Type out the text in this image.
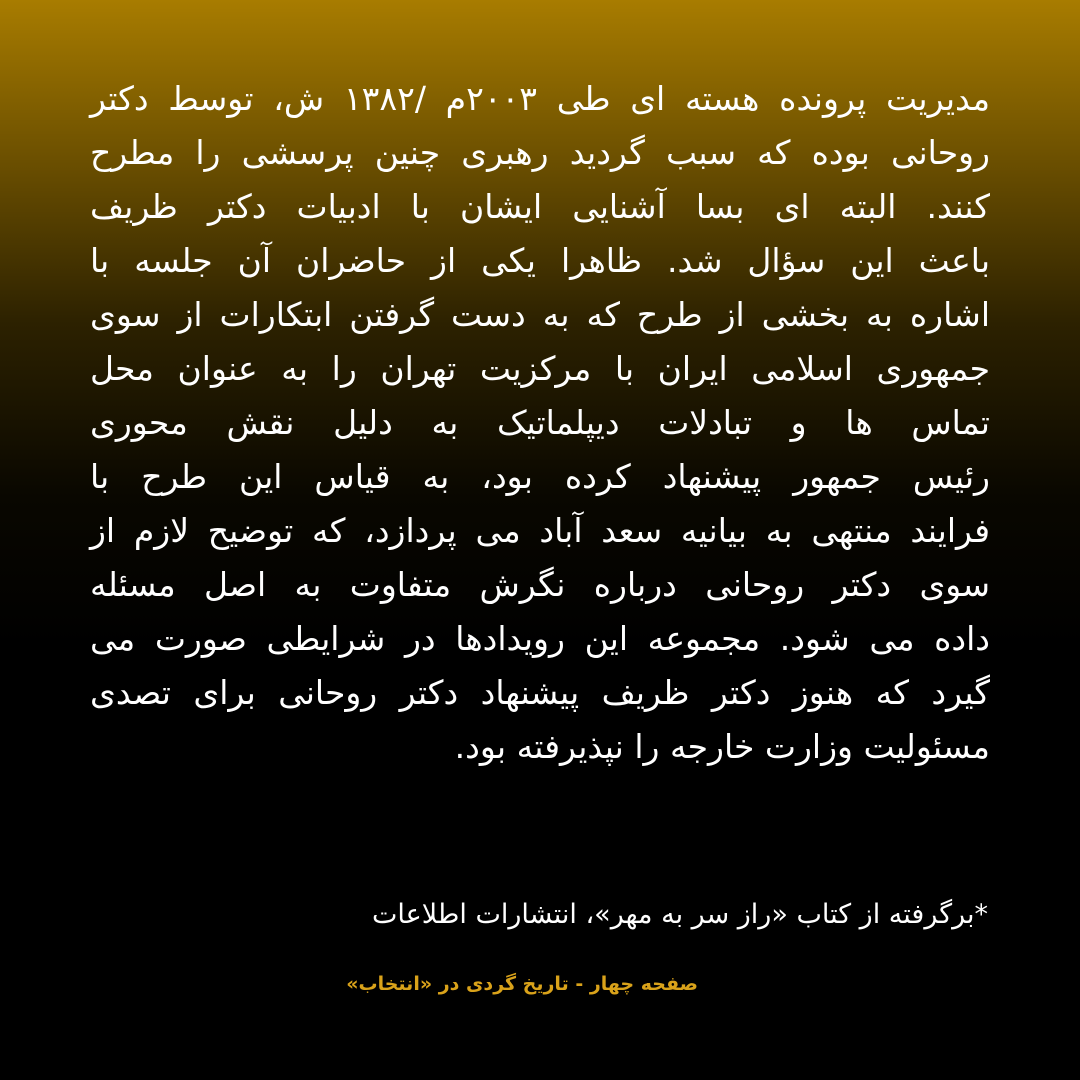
مدیریت پرونده هسته ای طی ۲۰۰۳م /۱۳۸۲ ش، توسط دکتر
روحانی بوده که سبب گردید رهبری چنین پرسشی را مطرح
کنند. البته ای بسا آشنایی ایشان با ادبیات دکتر ظریف
باعث این سؤال شد. ظاهرا یکی از حاضران آن جلسه با
اشاره به بخشی از طرح که به دست گرفتن ابتکارات از سوی
جمهوری اسلامی ایران با مرکزیت تهران را به عنوان محل
تماس ها و تبادلات دیپلماتیک به دلیل نقش محوری
رئیس جمهور پیشنهاد کرده بود، به قیاس این طرح با
فرایند منتهی به بیانیه سعد آباد می پردازد، که توضیح لازم از
سوی دکتر روحانی درباره نگرش متفاوت به اصل مسئله
داده می شود. مجموعه این رویدادها در شرایطی صورت می
گیرد که هنوز دکتر ظریف پیشنهاد دکتر روحانی برای تصدی
مسئولیت وزارت خارجه را نپذیرفته بود.
*برگرفته از کتاب «راز سر به مهر»، انتشارات اطلاعات
صفحه چهار - تاریخ گردی در «انتخاب»
